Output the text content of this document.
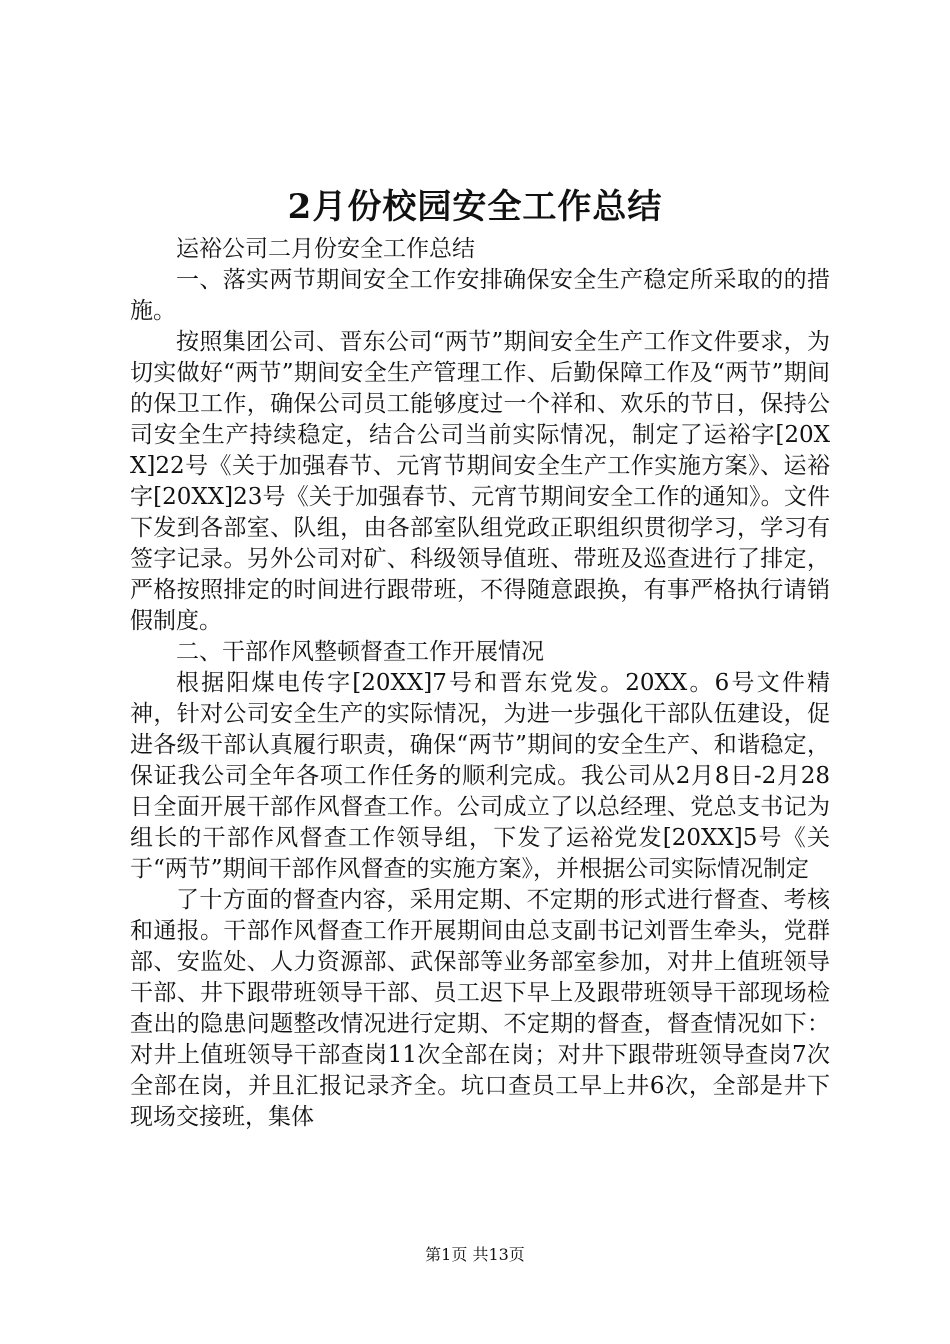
2月份校园安全工作总结

运裕公司二月份安全工作总结

一、落实两节期间安全工作安排确保安全生产稳定所采取的的措施。

按照集团公司、晋东公司“两节”期间安全生产工作文件要求，为切实做好“两节”期间安全生产管理工作、后勤保障工作及“两节”期间的保卫工作，确保公司员工能够度过一个祥和、欢乐的节日，保持公司安全生产持续稳定，结合公司当前实际情况，制定了运裕字[20XX]22号《关于加强春节、元宵节期间安全生产工作实施方案》、运裕字[20XX]23号《关于加强春节、元宵节期间安全工作的通知》。文件下发到各部室、队组，由各部室队组党政正职组织贯彻学习，学习有签字记录。另外公司对矿、科级领导值班、带班及巡查进行了排定，严格按照排定的时间进行跟带班，不得随意跟换，有事严格执行请销假制度。

二、干部作风整顿督查工作开展情况

根据阳煤电传字[20XX]7号和晋东党发。20XX。6号文件精神，针对公司安全生产的实际情况，为进一步强化干部队伍建设，促进各级干部认真履行职责，确保“两节”期间的安全生产、和谐稳定，保证我公司全年各项工作任务的顺利完成。我公司从2月8日-2月28日全面开展干部作风督查工作。公司成立了以总经理、党总支书记为组长的干部作风督查工作领导组，下发了运裕党发[20XX]5号《关于“两节”期间干部作风督查的实施方案》，并根据公司实际情况制定

了十方面的督查内容，采用定期、不定期的形式进行督查、考核和通报。干部作风督查工作开展期间由总支副书记刘晋生牵头，党群部、安监处、人力资源部、武保部等业务部室参加，对井上值班领导干部、井下跟带班领导干部、员工迟下早上及跟带班领导干部现场检查出的隐患问题整改情况进行定期、不定期的督查，督查情况如下：对井上值班领导干部查岗11次全部在岗；对井下跟带班领导查岗7次全部在岗，并且汇报记录齐全。坑口查员工早上井6次，全部是井下现场交接班，集体

第1页 共13页
